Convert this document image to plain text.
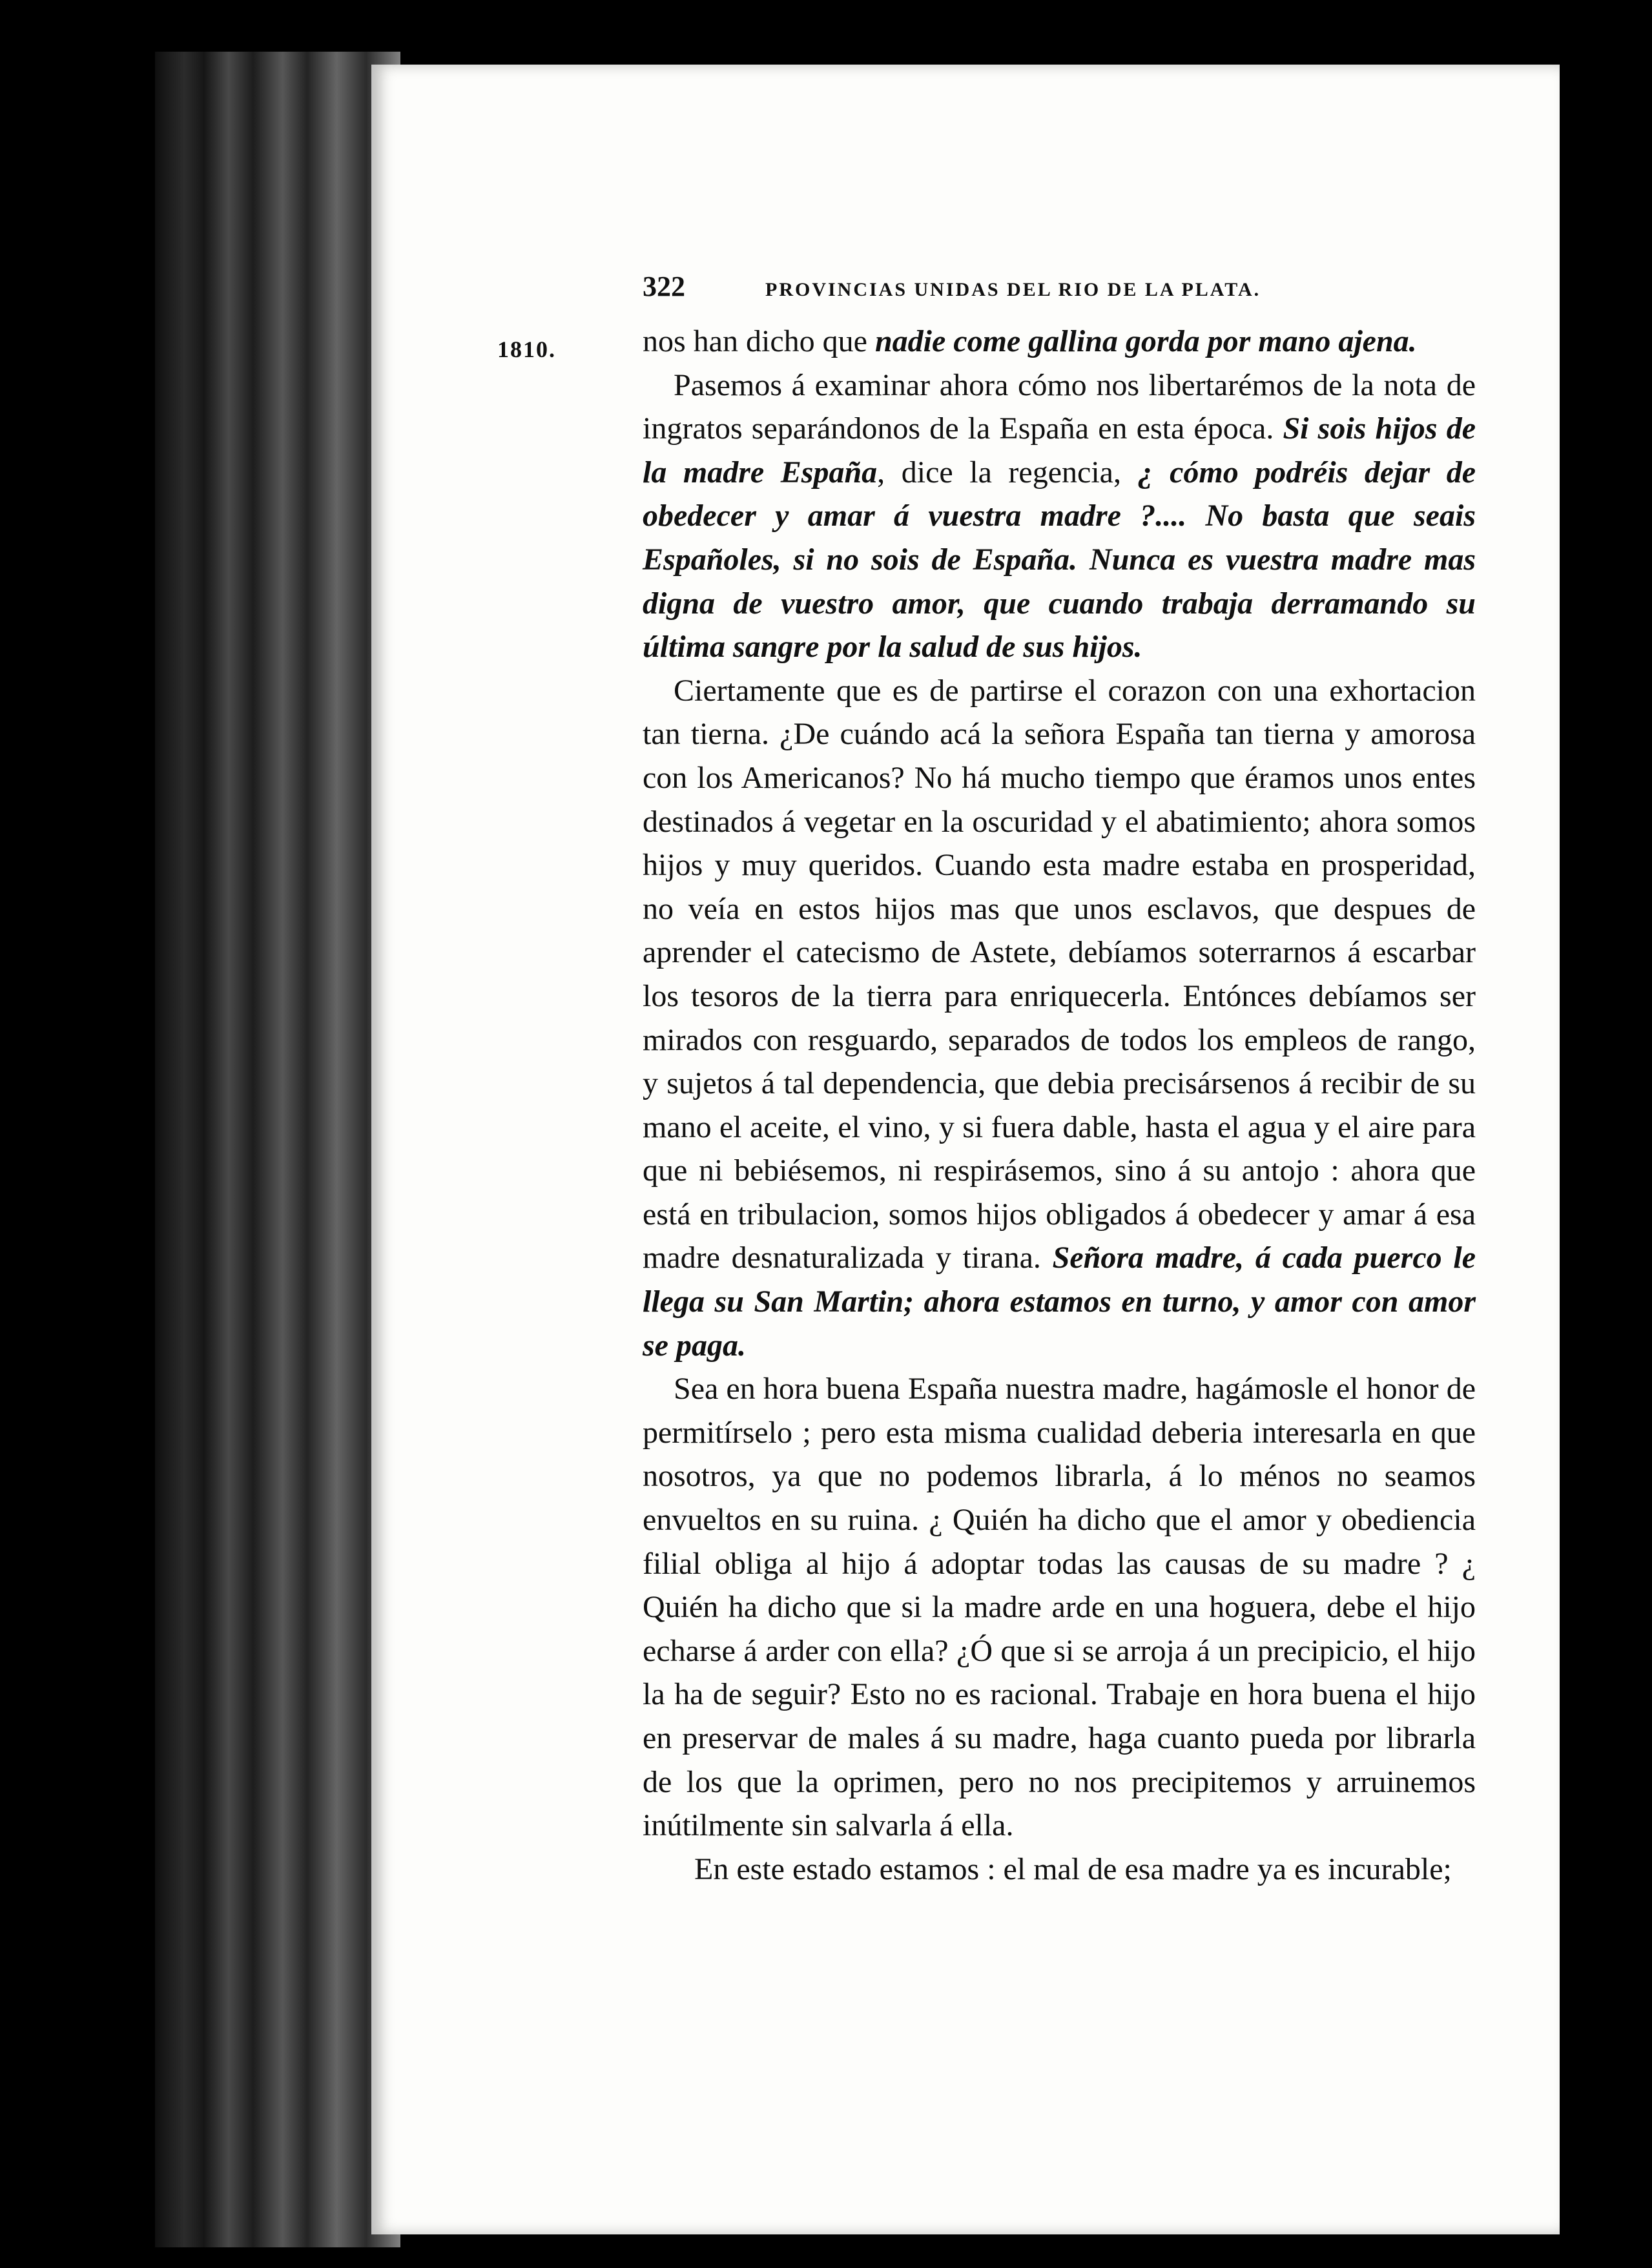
322	PROVINCIAS UNIDAS DEL RIO DE LA PLATA.
1810.	nos han dicho que nadie come gallina gorda por mano ajena.

Pasemos á examinar ahora cómo nos libertarémos de la nota de ingratos separándonos de la España en esta época. Si sois hijos de la madre España, dice la regencia, ¿ cómo podréis dejar de obedecer y amar á vuestra madre ?.... No basta que seais Españoles, si no sois de España. Nunca es vuestra madre mas digna de vuestro amor, que cuando trabaja derramando su última sangre por la salud de sus hijos.

Ciertamente que es de partirse el corazon con una exhortacion tan tierna. ¿De cuándo acá la señora España tan tierna y amorosa con los Americanos? No há mucho tiempo que éramos unos entes destinados á vegetar en la oscuridad y el abatimiento; ahora somos hijos y muy queridos. Cuando esta madre estaba en prosperidad, no veía en estos hijos mas que unos esclavos, que despues de aprender el catecismo de Astete, debíamos soterrarnos á escarbar los tesoros de la tierra para enriquecerla. Entónces debíamos ser mirados con resguardo, separados de todos los empleos de rango, y sujetos á tal dependencia, que debia precisársenos á recibir de su mano el aceite, el vino, y si fuera dable, hasta el agua y el aire para que ni bebiésemos, ni respirásemos, sino á su antojo : ahora que está en tribulacion, somos hijos obligados á obedecer y amar á esa madre desnaturalizada y tirana. Señora madre, á cada puerco le llega su San Martin; ahora estamos en turno, y amor con amor se paga.

Sea en hora buena España nuestra madre, hagámosle el honor de permitírselo ; pero esta misma cualidad deberia interesarla en que nosotros, ya que no podemos librarla, á lo ménos no seamos envueltos en su ruina. ¿ Quién ha dicho que el amor y obediencia filial obliga al hijo á adoptar todas las causas de su madre ? ¿ Quién ha dicho que si la madre arde en una hoguera, debe el hijo echarse á arder con ella? ¿Ó que si se arroja á un precipicio, el hijo la ha de seguir? Esto no es racional. Trabaje en hora buena el hijo en preservar de males á su madre, haga cuanto pueda por librarla de los que la oprimen, pero no nos precipitemos y arruinemos inútilmente sin salvarla á ella.

En este estado estamos : el mal de esa madre ya es incurable;
